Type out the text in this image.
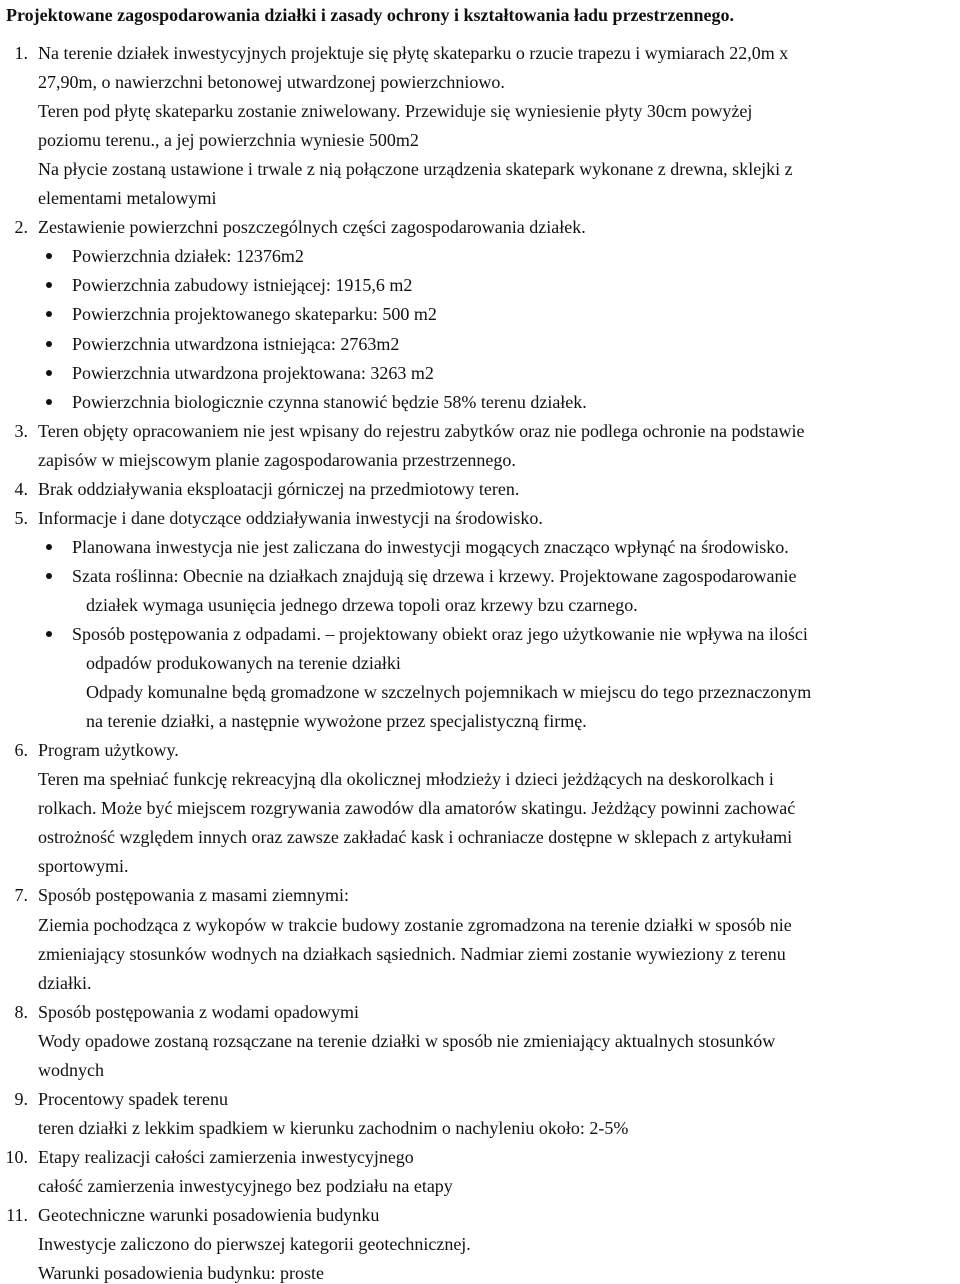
Projektowane zagospodarowania działki i zasady ochrony i kształtowania ładu przestrzennego.
1. Na terenie działek inwestycyjnych projektuje się płytę skateparku o rzucie trapezu i wymiarach 22,0m x
27,90m, o nawierzchni betonowej utwardzonej powierzchniowo.
Teren pod płytę skateparku zostanie zniwelowany. Przewiduje się wyniesienie płyty 30cm powyżej
poziomu terenu., a jej powierzchnia wyniesie 500m2
Na płycie zostaną ustawione i trwale z nią połączone urządzenia skatepark wykonane z drewna, sklejki z
elementami metalowymi
2. Zestawienie powierzchni poszczególnych części zagospodarowania działek.
Powierzchnia działek: 12376m2
Powierzchnia zabudowy istniejącej: 1915,6 m2
Powierzchnia projektowanego skateparku: 500 m2
Powierzchnia utwardzona istniejąca: 2763m2
Powierzchnia utwardzona projektowana: 3263 m2
Powierzchnia biologicznie czynna stanowić będzie 58% terenu działek.
3. Teren objęty opracowaniem nie jest wpisany do rejestru zabytków oraz nie podlega ochronie na podstawie
zapisów w miejscowym planie zagospodarowania przestrzennego.
4. Brak oddziaływania eksploatacji górniczej na przedmiotowy teren.
5. Informacje i dane dotyczące oddziaływania inwestycji na środowisko.
Planowana inwestycja nie jest zaliczana do inwestycji mogących znacząco wpłynąć na środowisko.
Szata roślinna: Obecnie na działkach znajdują się drzewa i krzewy. Projektowane zagospodarowanie
działek wymaga usunięcia jednego drzewa topoli oraz krzewy bzu czarnego.
Sposób postępowania z odpadami. – projektowany obiekt oraz jego użytkowanie nie wpływa na ilości
odpadów produkowanych na terenie działki
Odpady komunalne będą gromadzone w szczelnych pojemnikach w miejscu do tego przeznaczonym
na terenie działki, a następnie wywożone przez specjalistyczną firmę.
6. Program użytkowy.
Teren ma spełniać funkcję rekreacyjną dla okolicznej młodzieży i dzieci jeżdżących na deskorolkach i
rolkach. Może być miejscem rozgrywania zawodów dla amatorów skatingu. Jeżdżący powinni zachować
ostrożność względem innych oraz zawsze zakładać kask i ochraniacze dostępne w sklepach z artykułami
sportowymi.
7. Sposób postępowania z masami ziemnymi:
Ziemia pochodząca z wykopów w trakcie budowy zostanie zgromadzona na terenie działki w sposób nie
zmieniający stosunków wodnych na działkach sąsiednich. Nadmiar ziemi zostanie wywieziony z terenu
działki.
8. Sposób postępowania z wodami opadowymi
Wody opadowe zostaną rozsączane na terenie działki w sposób nie zmieniający aktualnych stosunków
wodnych
9. Procentowy spadek terenu
teren działki z lekkim spadkiem w kierunku zachodnim o nachyleniu około: 2-5%
10. Etapy realizacji całości zamierzenia inwestycyjnego
całość zamierzenia inwestycyjnego bez podziału na etapy
11. Geotechniczne warunki posadowienia budynku
Inwestycje zaliczono do pierwszej kategorii geotechnicznej.
Warunki posadowienia budynku: proste
